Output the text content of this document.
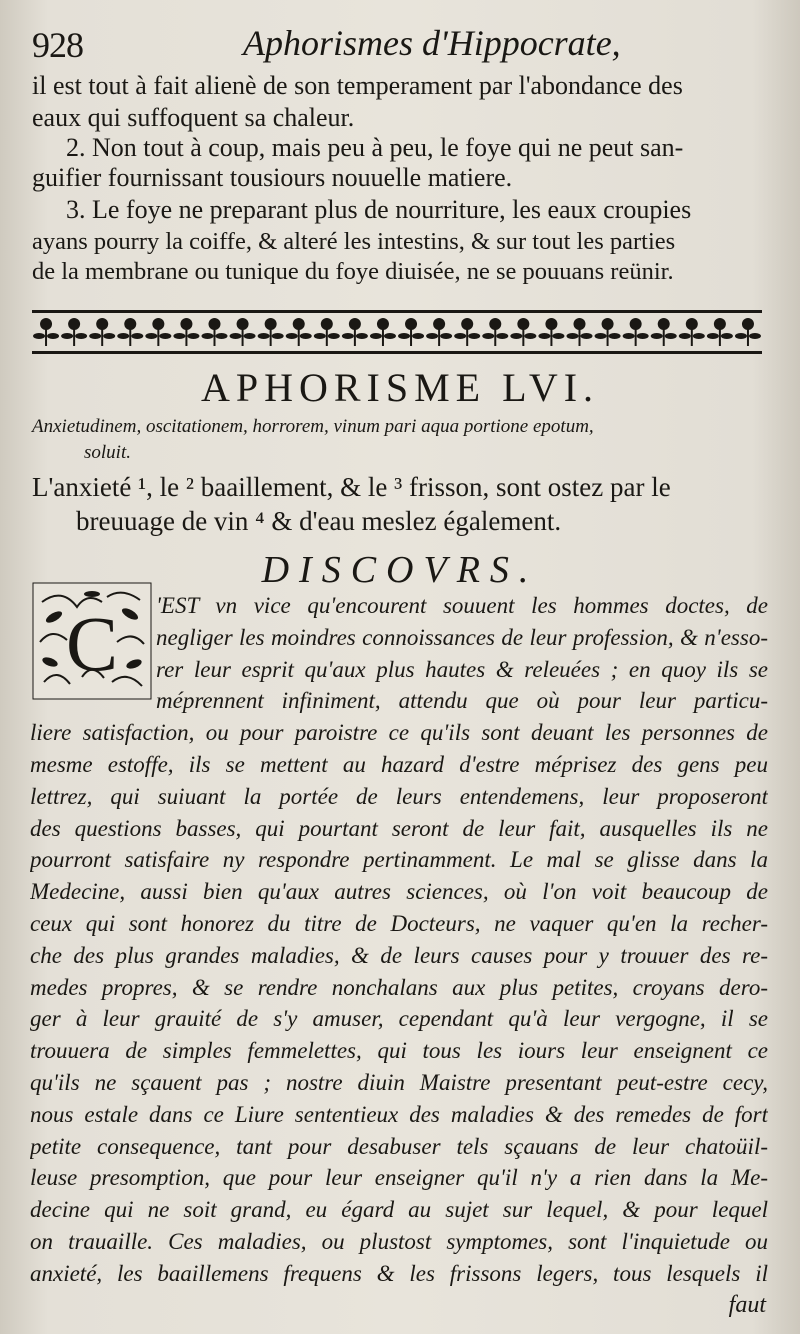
928	Aphorismes d'Hippocrate,
il est tout à fait alienè de son temperament par l'abondance des
eaux qui suffoquent sa chaleur.
2. Non tout à coup, mais peu à peu, le foye qui ne peut san-
guifier fournissant tousiours nouuelle matiere.
3. Le foye ne preparant plus de nourriture, les eaux croupies
ayans pourry la coiffe, & alteré les intestins, & sur tout les parties
de la membrane ou tunique du foye diuisée, ne se pouuans reünir.
APHORISME LVI.
Anxietudinem, oscitationem, horrorem, vinum pari aqua portione epotum,
soluit.
L'anxieté ¹, le ² baaillement, & le ³ frisson, sont ostez par le
breuuage de vin ⁴ & d'eau meslez également.
DISCOVRS.
C	'EST vn vice qu'encourent souuent les hommes doctes, de
negliger les moindres connoissances de leur profession, & n'esso-
rer leur esprit qu'aux plus hautes & releuées ; en quoy ils se
méprennent infiniment, attendu que où pour leur particu-
liere satisfaction, ou pour paroistre ce qu'ils sont deuant les personnes de
mesme estoffe, ils se mettent au hazard d'estre méprisez des gens peu
lettrez, qui suiuant la portée de leurs entendemens, leur proposeront
des questions basses, qui pourtant seront de leur fait, ausquelles ils ne
pourront satisfaire ny respondre pertinamment. Le mal se glisse dans la
Medecine, aussi bien qu'aux autres sciences, où l'on voit beaucoup de
ceux qui sont honorez du titre de Docteurs, ne vaquer qu'en la recher-
che des plus grandes maladies, & de leurs causes pour y trouuer des re-
medes propres, & se rendre nonchalans aux plus petites, croyans dero-
ger à leur grauité de s'y amuser, cependant qu'à leur vergogne, il se
trouuera de simples femmelettes, qui tous les iours leur enseignent ce
qu'ils ne sçauent pas ; nostre diuin Maistre presentant peut-estre cecy,
nous estale dans ce Liure sententieux des maladies & des remedes de fort
petite consequence, tant pour desabuser tels sçauans de leur chatoüil-
leuse presomption, que pour leur enseigner qu'il n'y a rien dans la Me-
decine qui ne soit grand, eu égard au sujet sur lequel, & pour lequel
on trauaille. Ces maladies, ou plustost symptomes, sont l'inquietude ou
anxieté, les baaillemens frequens & les frissons legers, tous lesquels il
faut
